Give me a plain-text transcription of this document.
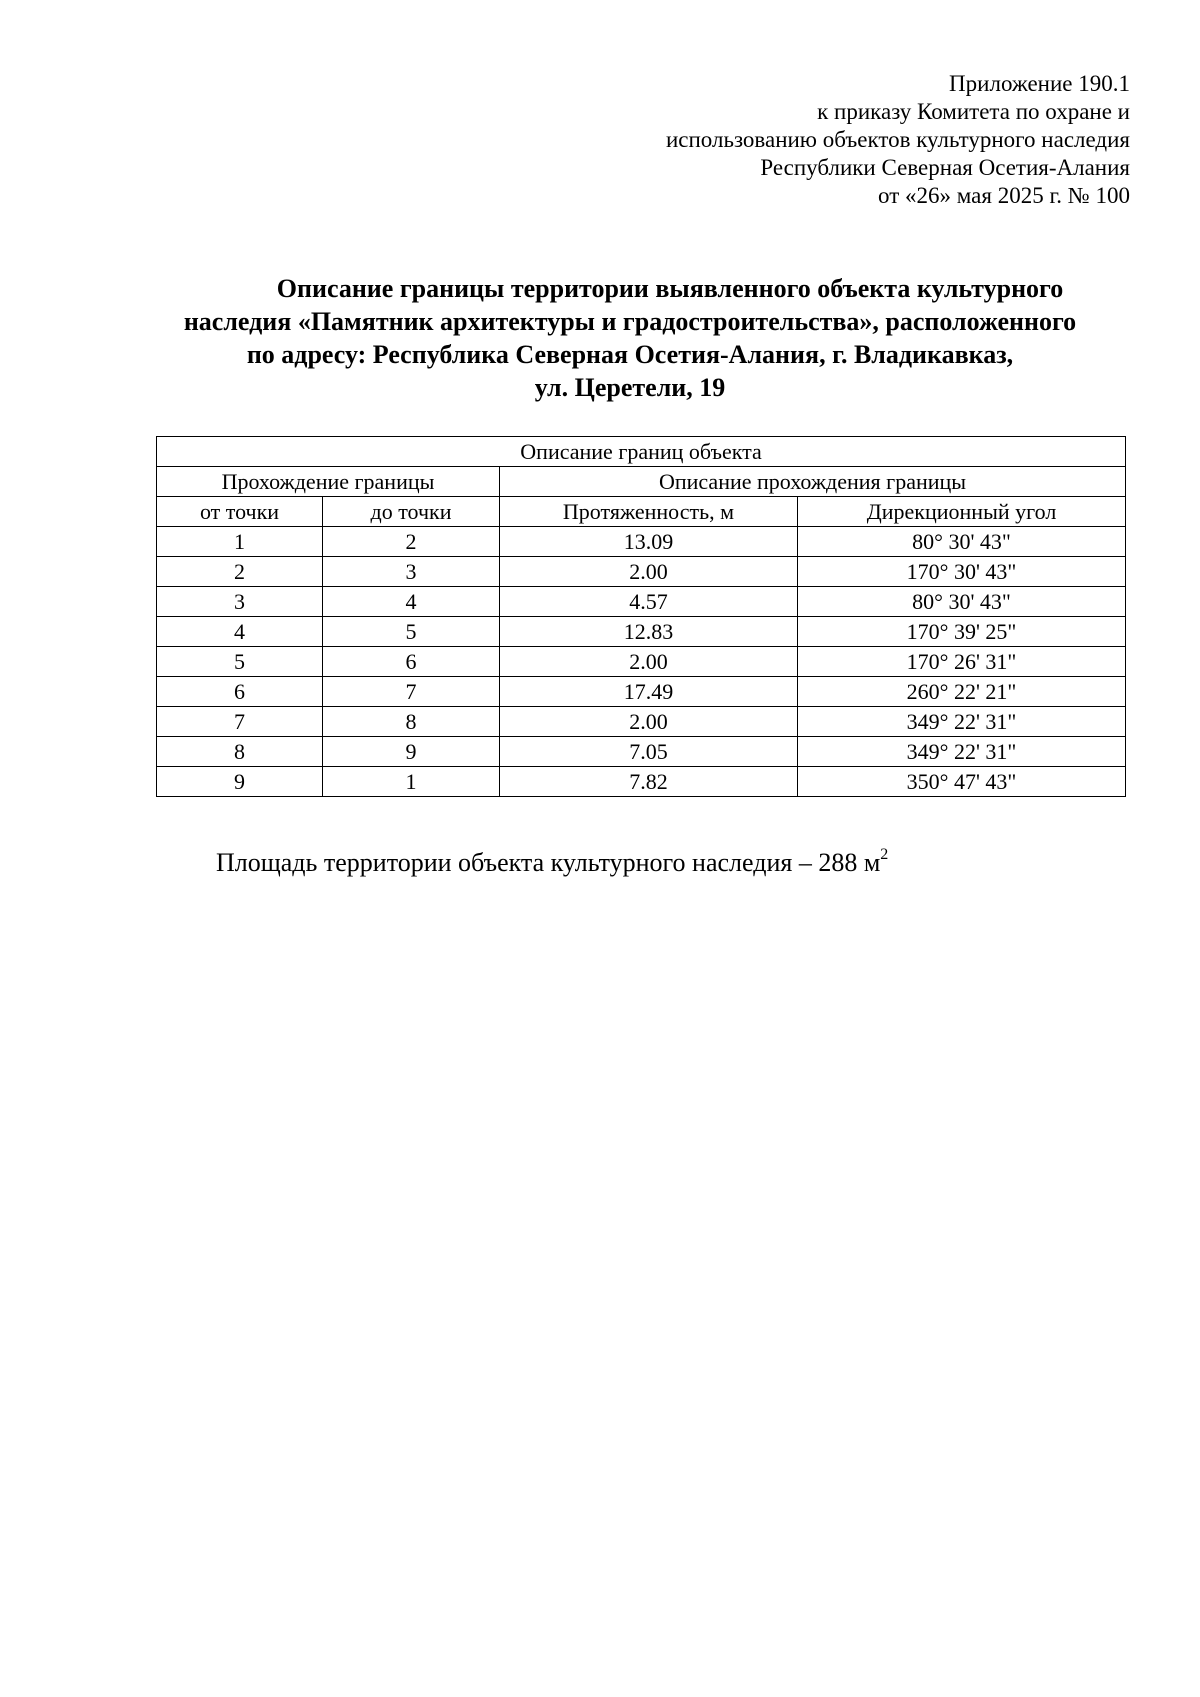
Приложение 190.1
к приказу Комитета по охране и
использованию объектов культурного наследия
Республики Северная Осетия-Алания
от «26» мая 2025 г. № 100
Описание границы территории выявленного объекта культурного
наследия «Памятник архитектуры и градостроительства», расположенного
по адресу: Республика Северная Осетия-Алания, г. Владикавказ,
ул. Церетели, 19
Описание границ объекта			
Прохождение границы		Описание прохождения границы	
от точки	до точки	Протяженность, м	Дирекционный угол
1	2	13.09	80° 30' 43"
2	3	2.00	170° 30' 43"
3	4	4.57	80° 30' 43"
4	5	12.83	170° 39' 25"
5	6	2.00	170° 26' 31"
6	7	17.49	260° 22' 21"
7	8	2.00	349° 22' 31"
8	9	7.05	349° 22' 31"
9	1	7.82	350° 47' 43"
Площадь территории объекта культурного наследия – 288 $м^2$
